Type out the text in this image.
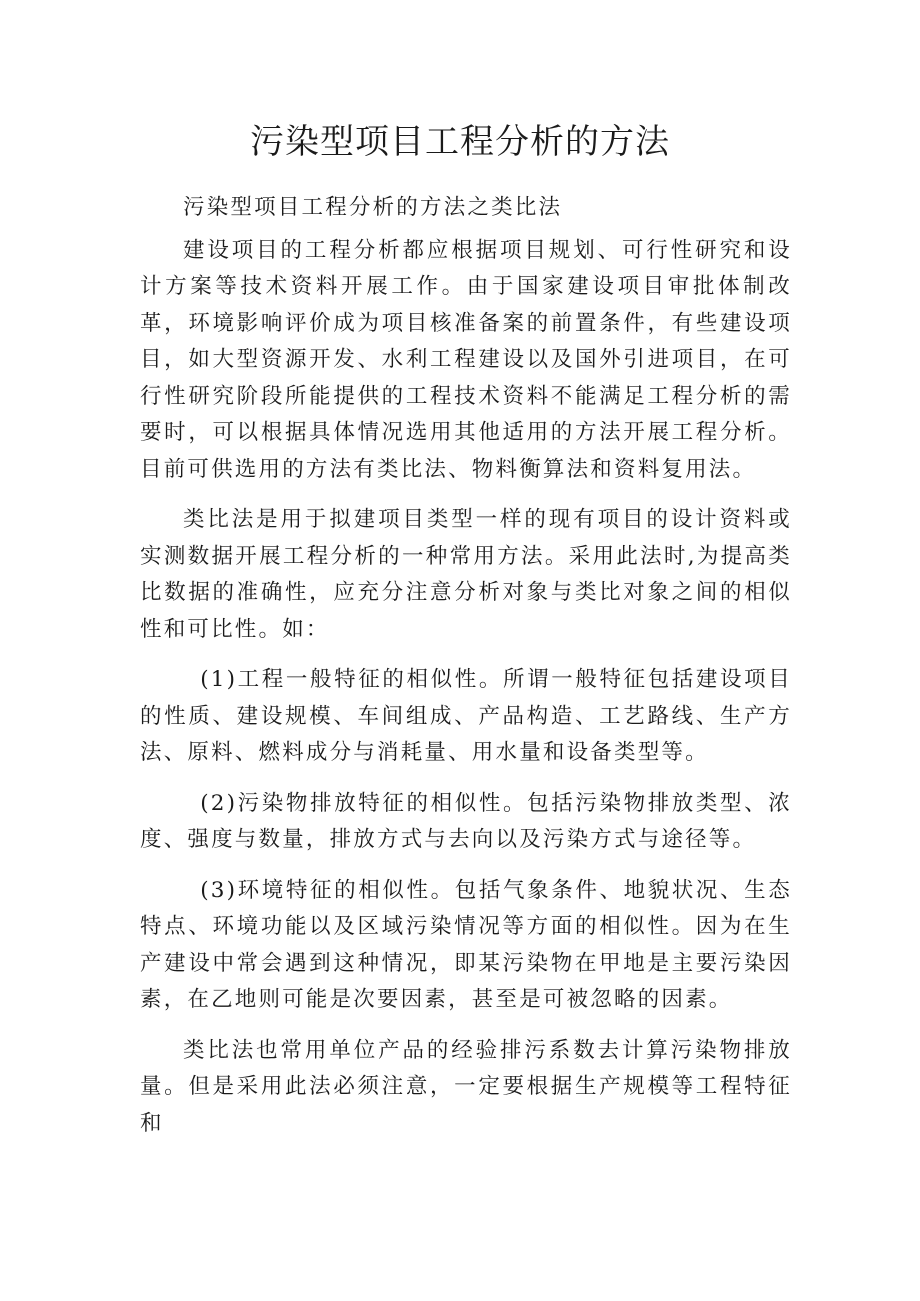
污染型项目工程分析的方法

污染型项目工程分析的方法之类比法

建设项目的工程分析都应根据项目规划、可行性研究和设计方案等技术资料开展工作。由于国家建设项目审批体制改革，环境影响评价成为项目核准备案的前置条件，有些建设项目，如大型资源开发、水利工程建设以及国外引进项目，在可行性研究阶段所能提供的工程技术资料不能满足工程分析的需要时，可以根据具体情况选用其他适用的方法开展工程分析。目前可供选用的方法有类比法、物料衡算法和资料复用法。

类比法是用于拟建项目类型一样的现有项目的设计资料或实测数据开展工程分析的一种常用方法。采用此法时,为提高类比数据的准确性，应充分注意分析对象与类比对象之间的相似性和可比性。如：

(1)工程一般特征的相似性。所谓一般特征包括建设项目的性质、建设规模、车间组成、产品构造、工艺路线、生产方法、原料、燃料成分与消耗量、用水量和设备类型等。

(2)污染物排放特征的相似性。包括污染物排放类型、浓度、强度与数量，排放方式与去向以及污染方式与途径等。

(3)环境特征的相似性。包括气象条件、地貌状况、生态特点、环境功能以及区域污染情况等方面的相似性。因为在生产建设中常会遇到这种情况，即某污染物在甲地是主要污染因素，在乙地则可能是次要因素，甚至是可被忽略的因素。

类比法也常用单位产品的经验排污系数去计算污染物排放量。但是采用此法必须注意，一定要根据生产规模等工程特征和
